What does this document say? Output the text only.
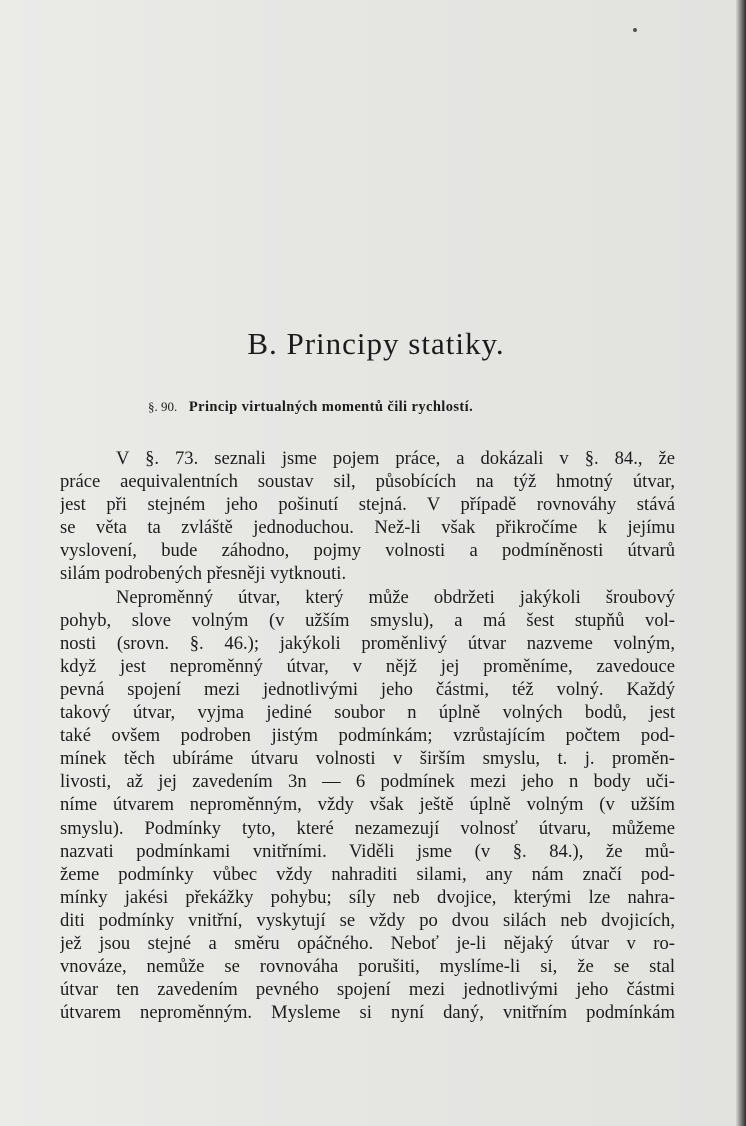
B. Principy statiky.
§. 90. Princip virtualných momentů čili rychlostí.
V §. 73. seznali jsme pojem práce, a dokázali v §. 84., že
práce aequivalentních soustav sil, působících na týž hmotný útvar,
jest při stejném jeho pošinutí stejná. V případě rovnováhy stává
se věta ta zvláště jednoduchou. Než-li však přikročíme k jejímu
vyslovení, bude záhodno, pojmy volnosti a podmíněnosti útvarů
silám podrobených přesněji vytknouti.
Neproměnný útvar, který může obdržeti jakýkoli šroubový
pohyb, slove volným (v užším smyslu), a má šest stupňů vol-
nosti (srovn. §. 46.); jakýkoli proměnlivý útvar nazveme volným,
když jest neproměnný útvar, v nějž jej proměníme, zavedouce
pevná spojení mezi jednotlivými jeho částmi, též volný. Každý
takový útvar, vyjma jediné soubor n úplně volných bodů, jest
také ovšem podroben jistým podmínkám; vzrůstajícím počtem pod-
mínek těch ubíráme útvaru volnosti v širším smyslu, t. j. proměn-
livosti, až jej zavedením 3n — 6 podmínek mezi jeho n body uči-
níme útvarem neproměnným, vždy však ještě úplně volným (v užším
smyslu). Podmínky tyto, které nezamezují volnosť útvaru, můžeme
nazvati podmínkami vnitřními. Viděli jsme (v §. 84.), že mů-
žeme podmínky vůbec vždy nahraditi silami, any nám značí pod-
mínky jakési překážky pohybu; síly neb dvojice, kterými lze nahra-
diti podmínky vnitřní, vyskytují se vždy po dvou silách neb dvojicích,
jež jsou stejné a směru opáčného. Neboť je-li nějaký útvar v ro-
vnováze, nemůže se rovnováha porušiti, myslíme-li si, že se stal
útvar ten zavedením pevného spojení mezi jednotlivými jeho částmi
útvarem neproměnným. Mysleme si nyní daný, vnitřním podmínkám
